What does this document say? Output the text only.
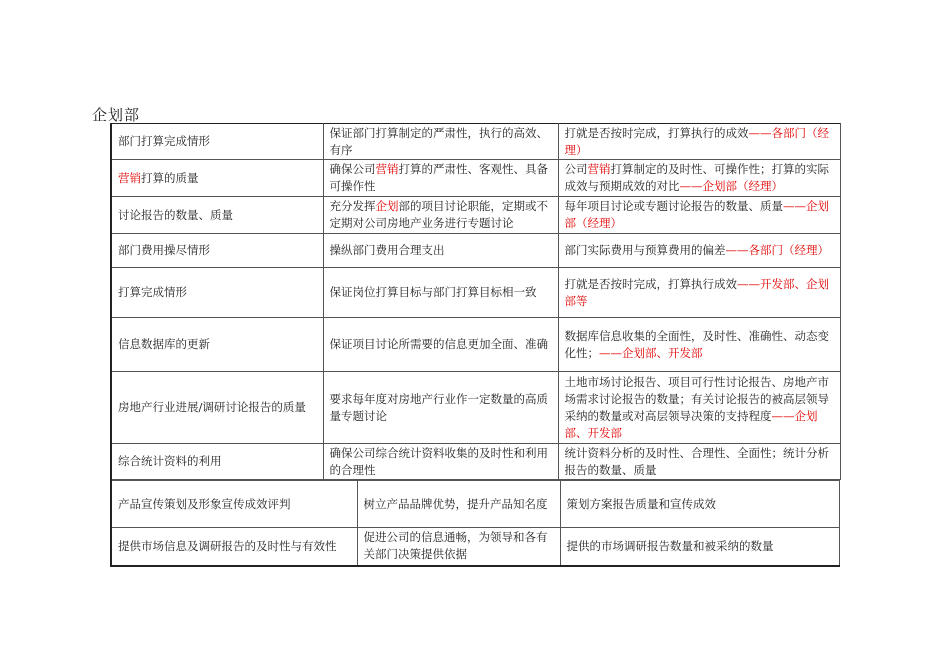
企划部
部门打算完成情形	保证部门打算制定的严肃性，执行的高效、有序	打就是否按时完成，打算执行的成效——各部门（经理）
营销打算的质量	确保公司营销打算的严肃性、客观性、具备可操作性	公司营销打算制定的及时性、可操作性；打算的实际成效与预期成效的对比——企划部（经理）
讨论报告的数量、质量	充分发挥企划部的项目讨论职能，定期或不定期对公司房地产业务进行专题讨论	每年项目讨论或专题讨论报告的数量、质量——企划部（经理）
部门费用操尽情形	操纵部门费用合理支出	部门实际费用与预算费用的偏差——各部门（经理）
打算完成情形	保证岗位打算目标与部门打算目标相一致	打就是否按时完成，打算执行成效——开发部、企划部等
信息数据库的更新	保证项目讨论所需要的信息更加全面、准确	数据库信息收集的全面性，及时性、准确性、动态变化性；——企划部、开发部
房地产行业进展/调研讨论报告的质量	要求每年度对房地产行业作一定数量的高质量专题讨论	土地市场讨论报告、项目可行性讨论报告、房地产市场需求讨论报告的数量；有关讨论报告的被高层领导采纳的数量或对高层领导决策的支持程度——企划部、开发部
综合统计资料的利用	确保公司综合统计资料收集的及时性和利用的合理性	统计资料分析的及时性、合理性、全面性；统计分析报告的数量、质量
产品宣传策划及形象宣传成效评判	树立产品品牌优势，提升产品知名度	策划方案报告质量和宣传成效
提供市场信息及调研报告的及时性与有效性	促进公司的信息通畅，为领导和各有关部门决策提供依据	提供的市场调研报告数量和被采纳的数量
